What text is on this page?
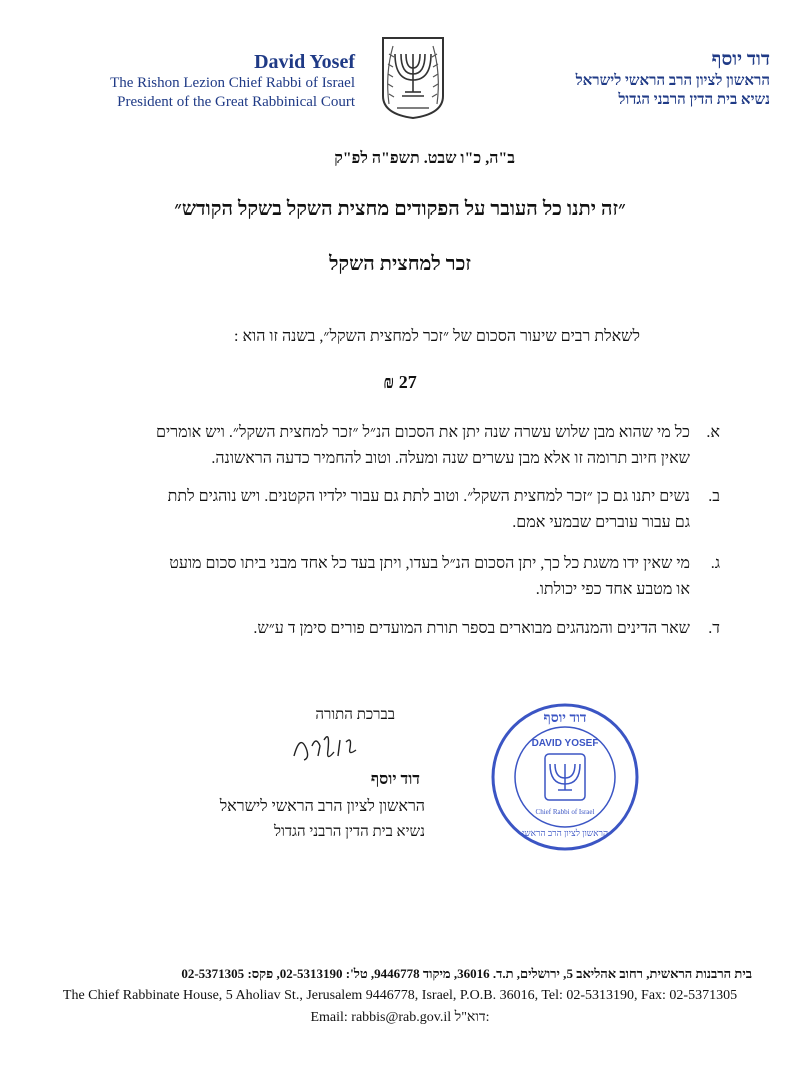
David Yosef
The Rishon Lezion Chief Rabbi of Israel
President of the Great Rabbinical Court
דוד יוסף
הראשון לציון הרב הראשי לישראל
נשיא בית הדין הרבני הגדול
ב"ה, כ"ו שבט. תשפ"ה לפ"ק
״זה יתנו כל העובר על הפקודים מחצית השקל בשקל הקודש״
זכר למחצית השקל
לשאלת רבים שיעור הסכום של ״זכר למחצית השקל״, בשנה זו הוא :
27 ₪
א.
כל מי שהוא מבן שלוש עשרה שנה יתן את הסכום הנ״ל ״זכר למחצית השקל״. ויש אומרים
שאין חיוב תרומה זו אלא מבן עשרים שנה ומעלה. וטוב להחמיר כדעה הראשונה.
ב.
נשים יתנו גם כן ״זכר למחצית השקל״. וטוב לתת גם עבור ילדיו הקטנים. ויש נוהגים לתת
גם עבור עוברים שבמעי אמם.
ג.
מי שאין ידו משגת כל כך, יתן הסכום הנ״ל בעדו, ויתן בעד כל אחד מבני ביתו סכום מועט
או מטבע אחד כפי יכולתו.
ד.
שאר הדינים והמנהגים מבוארים בספר תורת המועדים פורים סימן ד ע״ש.
בברכת התורה
דוד יוסף
הראשון לציון הרב הראשי לישראל
נשיא בית הדין הרבני הגדול
DAVID YOSEF
דוד יוסף
הראשון לציון הרב הראשי
Chief Rabbi of Israel
בית הרבנות הראשית, רחוב אהליאב 5, ירושלים, ת.ד. 36016, מיקוד 9446778, טל': 02-5313190, פקס: 02-5371305
The Chief Rabbinate House, 5 Aholiav St., Jerusalem 9446778, Israel, P.O.B. 36016, Tel: 02-5313190, Fax: 02-5371305
Email: rabbis@rab.gov.il דוא"ל:
